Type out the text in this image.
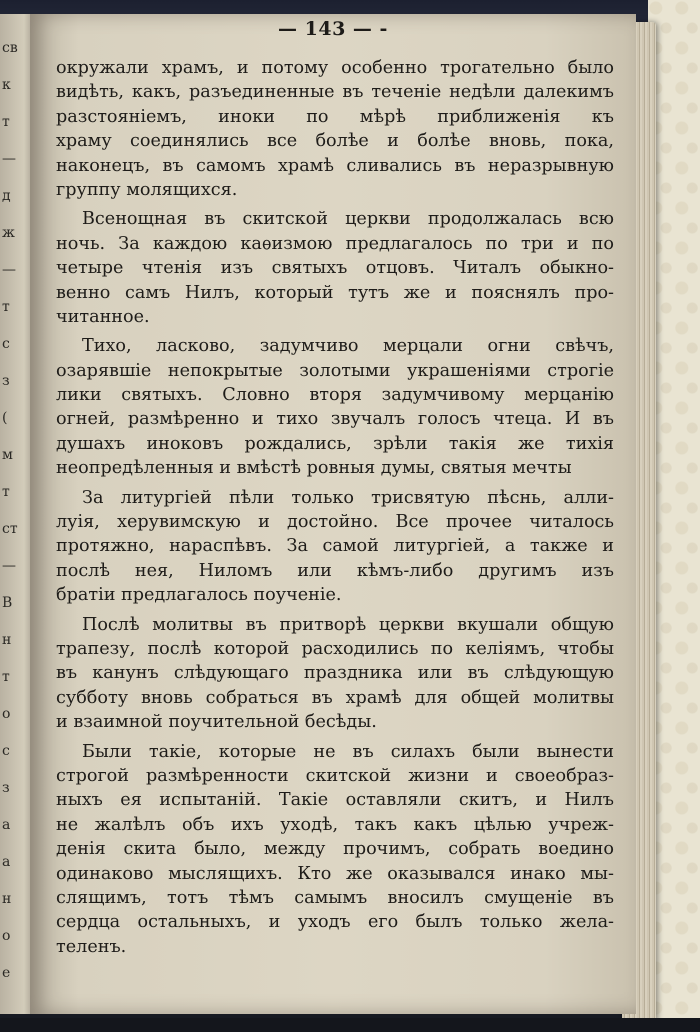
св
к
т
—
д
ж
—
т
с
з
(
м
т
ст
—
В
н
т
о
с
з
а
а
н
о
е
— 143 — -
окружали храмъ, и потому особенно трогательно было
видѣть, какъ, разъединенные въ теченіе недѣли далекимъ
разстояніемъ, иноки по мѣрѣ приближенія къ
храму соединялись все болѣе и болѣе вновь, пока,
наконецъ, въ самомъ храмѣ сливались въ неразрывную
группу молящихся.
Всенощная въ скитской церкви продолжалась всю
ночь. За каждою каѳизмою предлагалось по три и по
четыре чтенія изъ святыхъ отцовъ. Читалъ обыкно-
венно самъ Нилъ, который тутъ же и пояснялъ про-
читанное.
Тихо, ласково, задумчиво мерцали огни свѣчъ,
озарявшіе непокрытые золотыми украшеніями строгіе
лики святыхъ. Словно вторя задумчивому мерцанію
огней, размѣренно и тихо звучалъ голосъ чтеца. И въ
душахъ иноковъ рождались, зрѣли такія же тихія
неопредѣленныя и вмѣстѣ ровныя думы, святыя мечты
За литургіей пѣли только трисвятую пѣснь, алли-
луія, херувимскую и достойно. Все прочее читалось
протяжно, нараспѣвъ. За самой литургіей, а также и
послѣ нея, Ниломъ или кѣмъ-либо другимъ изъ
братіи предлагалось поученіе.
Послѣ молитвы въ притворѣ церкви вкушали общую
трапезу, послѣ которой расходились по келіямъ, чтобы
въ канунъ слѣдующаго праздника или въ слѣдующую
субботу вновь собраться въ храмѣ для общей молитвы
и взаимной поучительной бесѣды.
Были такіе, которые не въ силахъ были вынести
строгой размѣренности скитской жизни и своеобраз-
ныхъ ея испытаній. Такіе оставляли скитъ, и Нилъ
не жалѣлъ объ ихъ уходѣ, такъ какъ цѣлью учреж-
денія скита было, между прочимъ, собрать воедино
одинаково мыслящихъ. Кто же оказывался инако мы-
слящимъ, тотъ тѣмъ самымъ вносилъ смущеніе въ
сердца остальныхъ, и уходъ его былъ только жела-
теленъ.
